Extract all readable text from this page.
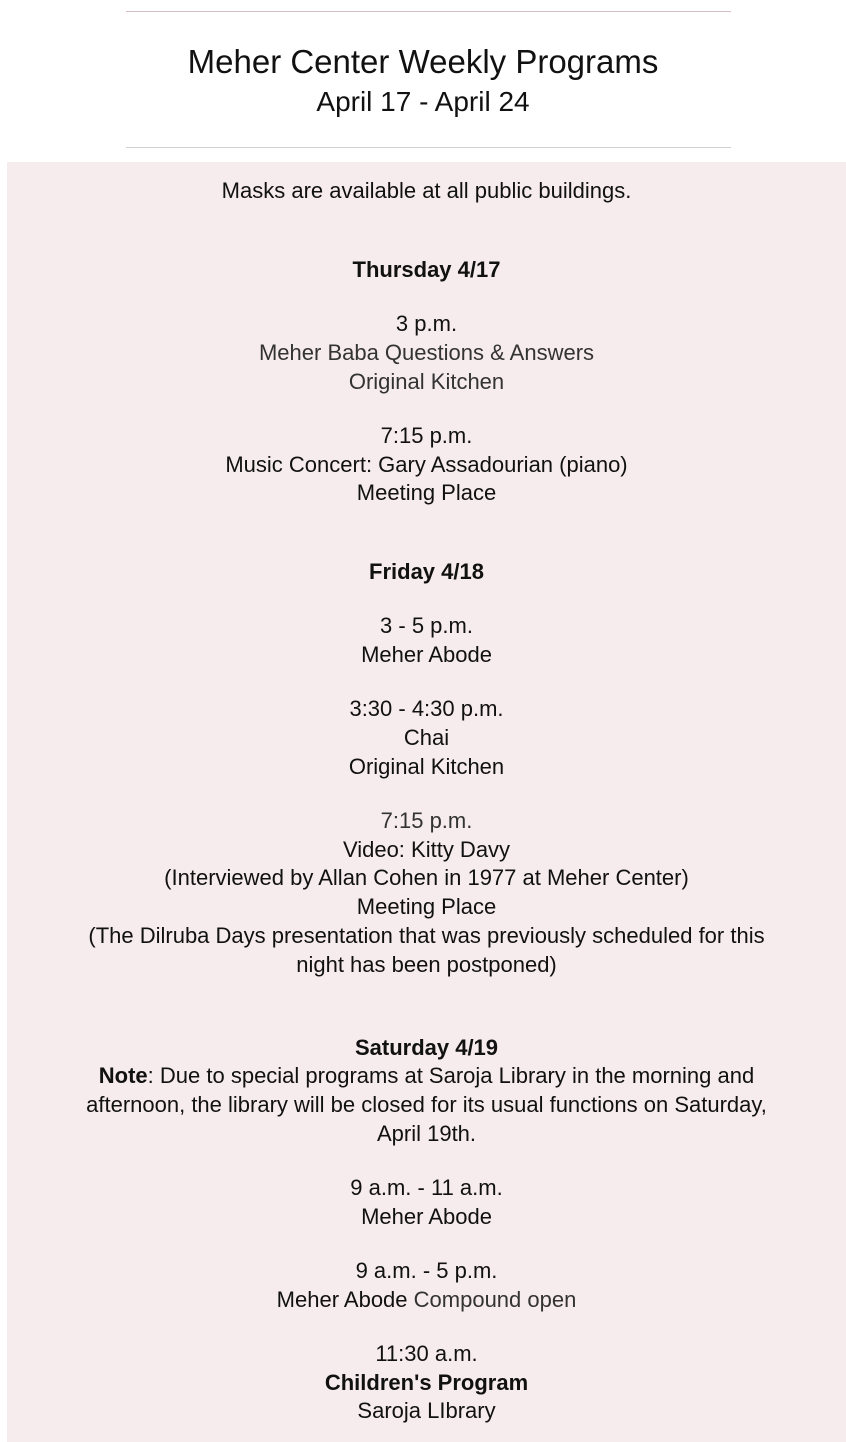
Meher Center Weekly Programs
April 17 - April 24
Masks are available at all public buildings.
Thursday 4/17
3 p.m.
Meher Baba Questions & Answers
Original Kitchen
7:15 p.m.
Music Concert: Gary Assadourian (piano)
Meeting Place
Friday 4/18
3 - 5 p.m.
Meher Abode
3:30 - 4:30 p.m.
Chai
Original Kitchen
7:15 p.m.
Video: Kitty Davy
(Interviewed by Allan Cohen in 1977 at Meher Center)
Meeting Place
(The Dilruba Days presentation that was previously scheduled for this
night has been postponed)
Saturday 4/19
Note: Due to special programs at Saroja Library in the morning and
afternoon, the library will be closed for its usual functions on Saturday,
April 19th.
9 a.m. - 11 a.m.
Meher Abode
9 a.m. - 5 p.m.
Meher Abode Compound open
11:30 a.m.
Children's Program
Saroja LIbrary
